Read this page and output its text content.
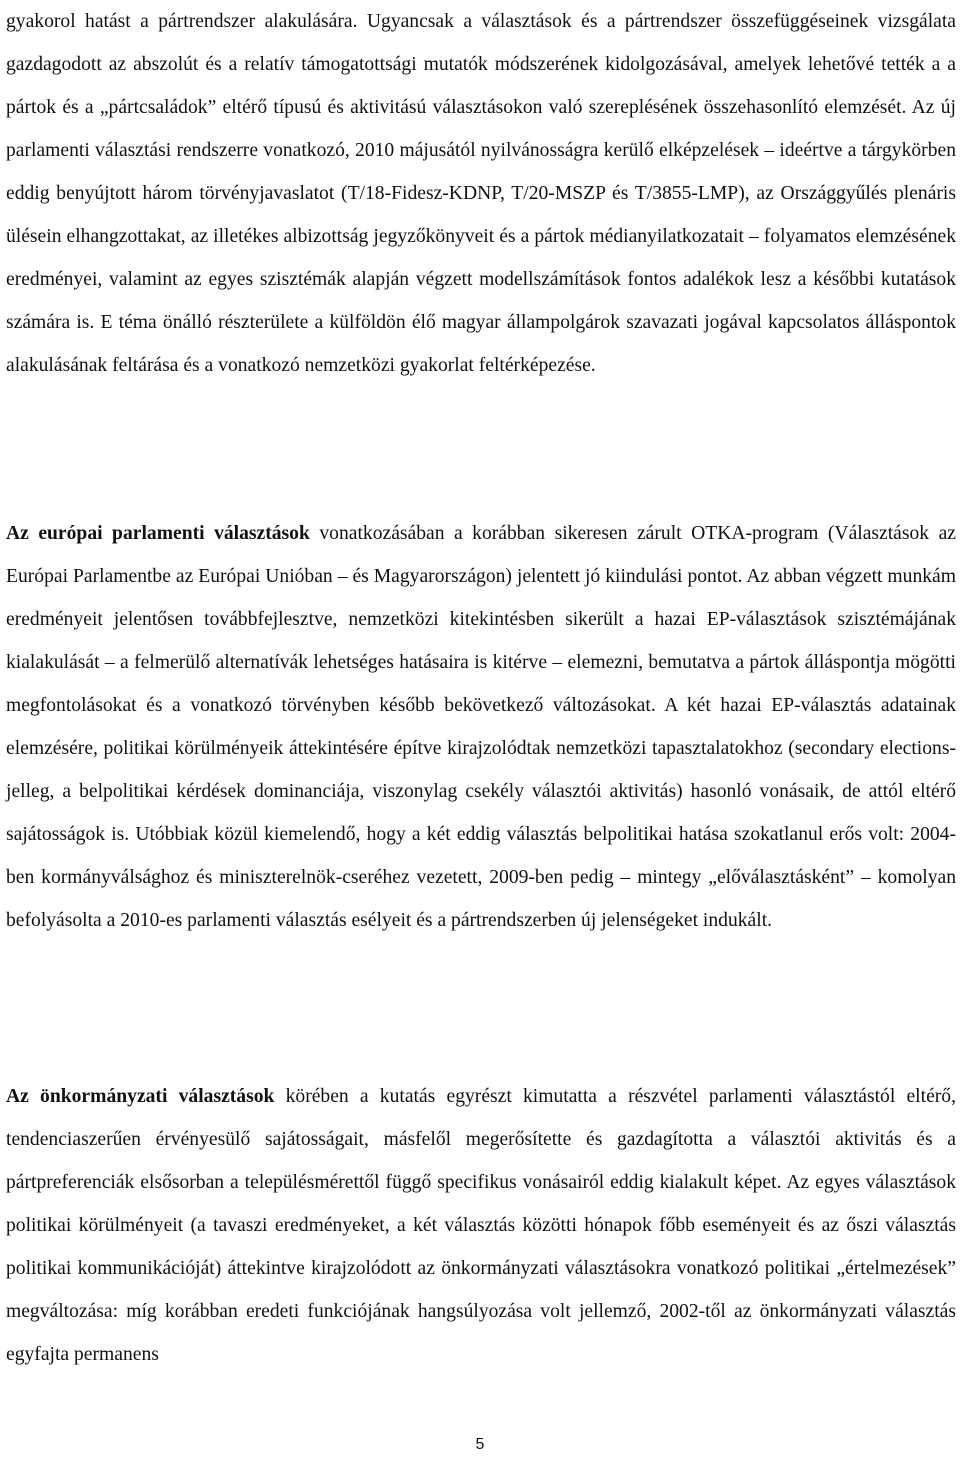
gyakorol hatást a pártrendszer alakulására. Ugyancsak a választások és a pártrendszer összefüggéseinek vizsgálata gazdagodott az abszolút és a relatív támogatottsági mutatók módszerének kidolgozásával, amelyek lehetővé tették a a pártok és a „pártcsaládok” eltérő típusú és aktivitású választásokon való szereplésének összehasonlító elemzését. Az új parlamenti választási rendszerre vonatkozó, 2010 májusától nyilvánosságra kerülő elképzelések – ideértve a tárgykörben eddig benyújtott három törvényjavaslatot (T/18-Fidesz-KDNP, T/20-MSZP és T/3855-LMP), az Országgyűlés plenáris ülésein elhangzottakat, az illetékes albizottság jegyzőkönyveit és a pártok médianyilatkozatait – folyamatos elemzésének eredményei, valamint az egyes szisztémák alapján végzett modellszámítások fontos adalékok lesz a későbbi kutatások számára is. E téma önálló részterülete a külföldön élő magyar állampolgárok szavazati jogával kapcsolatos álláspontok alakulásának feltárása és a vonatkozó nemzetközi gyakorlat feltérképezése.

Az európai parlamenti választások vonatkozásában a korábban sikeresen zárult OTKA-program (Választások az Európai Parlamentbe az Európai Unióban – és Magyarországon) jelentett jó kiindulási pontot. Az abban végzett munkám eredményeit jelentősen továbbfejlesztve, nemzetközi kitekintésben sikerült a hazai EP-választások szisztémájának kialakulását – a felmerülő alternatívák lehetséges hatásaira is kitérve – elemezni, bemutatva a pártok álláspontja mögötti megfontolásokat és a vonatkozó törvényben később bekövetkező változásokat. A két hazai EP-választás adatainak elemzésére, politikai körülményeik áttekintésére építve kirajzolódtak nemzetközi tapasztalatokhoz (secondary elections-jelleg, a belpolitikai kérdések dominanciája, viszonylag csekély választói aktivitás) hasonló vonásaik, de attól eltérő sajátosságok is. Utóbbiak közül kiemelendő, hogy a két eddig választás belpolitikai hatása szokatlanul erős volt: 2004-ben kormányválsághoz és miniszterelnök-cseréhez vezetett, 2009-ben pedig – mintegy „előválasztásként” – komolyan befolyásolta a 2010-es parlamenti választás esélyeit és a pártrendszerben új jelenségeket indukált.

Az önkormányzati választások körében a kutatás egyrészt kimutatta a részvétel parlamenti választástól eltérő, tendenciaszerűen érvényesülő sajátosságait, másfelől megerősítette és gazdagította a választói aktivitás és a pártpreferenciák elsősorban a településmérettől függő specifikus vonásairól eddig kialakult képet. Az egyes választások politikai körülményeit (a tavaszi eredményeket, a két választás közötti hónapok főbb eseményeit és az őszi választás politikai kommunikációját) áttekintve kirajzolódott az önkormányzati választásokra vonatkozó politikai „értelmezések” megváltozása: míg korábban eredeti funkciójának hangsúlyozása volt jellemző, 2002-től az önkormányzati választás egyfajta permanens

5
